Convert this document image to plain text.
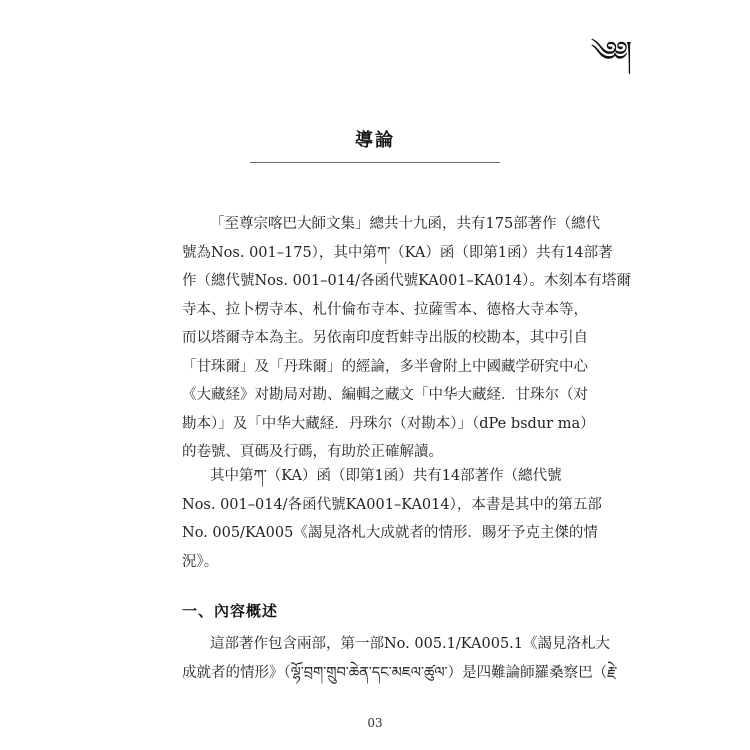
༄༅།
導論
「至尊宗喀巴大師文集」總共十九函，共有175部著作（總代
號為Nos. 001–175），其中第ཀ་（KA）函（即第1函）共有14部著
作（總代號Nos. 001–014/各函代號KA001–KA014）。木刻本有塔爾
寺本、拉卜楞寺本、札什倫布寺本、拉薩雪本、德格大寺本等，
而以塔爾寺本為主。另依南印度哲蚌寺出版的校勘本，其中引自
「甘珠爾」及「丹珠爾」的經論，多半會附上中國藏学研究中心
《大藏経》对勘局对勘、編輯之藏文「中华大藏経．甘珠尔（对
勘本）」及「中华大藏経．丹珠尔（对勘本）」（dPe bsdur ma）
的卷號、頁碼及行碼，有助於正確解讀。
其中第ཀ་（KA）函（即第1函）共有14部著作（總代號
Nos. 001–014/各函代號KA001–KA014），本書是其中的第五部
No. 005/KA005《謁見洛札大成就者的情形．賜牙予克主傑的情
況》。
一、內容概述
這部著作包含兩部，第一部No. 005.1/KA005.1《謁見洛札大
成就者的情形》（ལྷོ་བྲག་གྲུབ་ཆེན་དང་མཇལ་ཚུལ་）是四難論師羅桑察巴（རྗེ་
03
